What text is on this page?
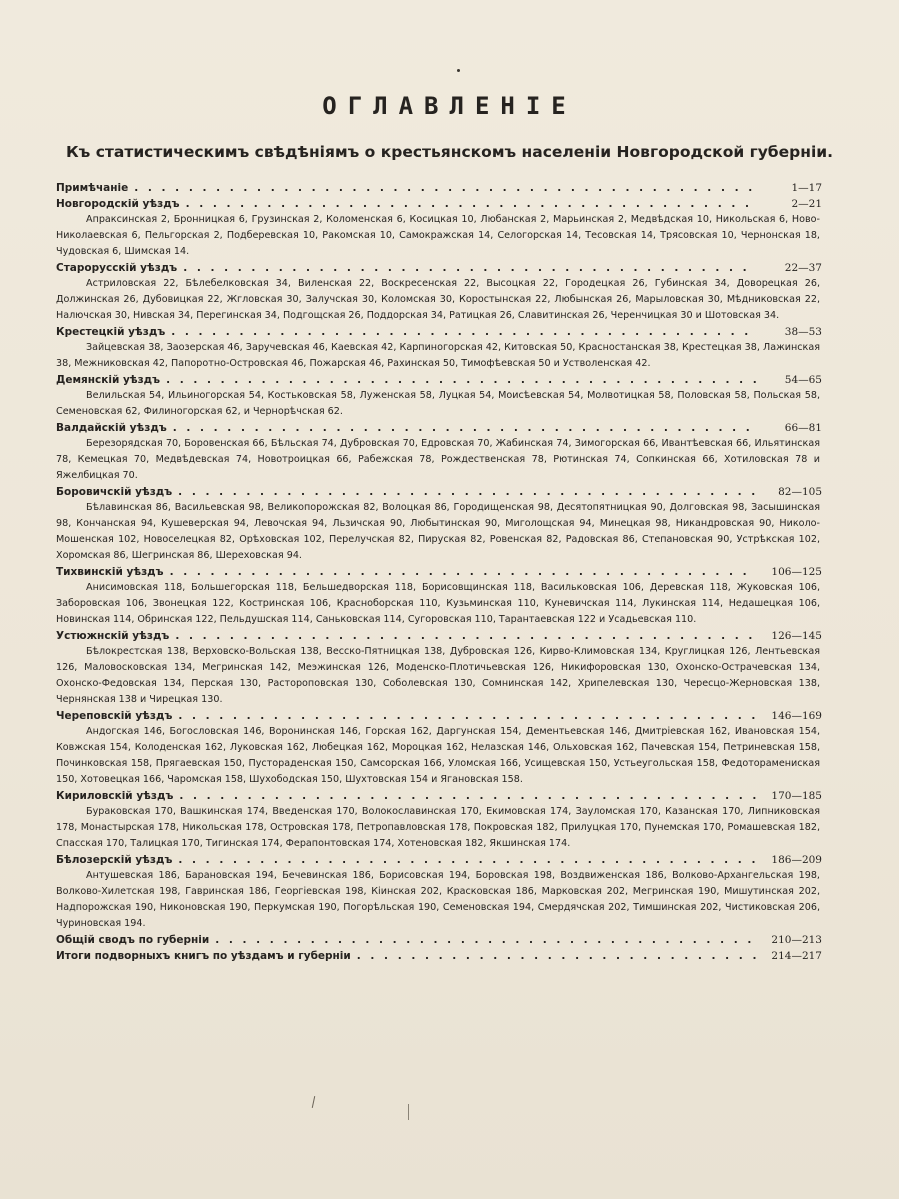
ОГЛАВЛЕНІЕ
Къ статистическимъ свѣдѣніямъ о крестьянскомъ населеніи Новгородской губерніи.
Примѣчаніе . . .	1—17
Новгородскій уѣздъ . . .	2—21
Апраксинская 2, Бронницкая 6, Грузинская 2, Коломенская 6, Косицкая 10, Любанская 2, Марьинская 2, Медвѣдская 10, Никольская 6, Ново-Николаевская 6, Пельгорская 2, Подберевская 10, Ракомская 10, Самокражская 14, Селогорская 14, Тесовская 14, Трясовская 10, Чернонская 18, Чудовская 6, Шимская 14.
Старорусскій уѣздъ . . .	22—37
Астриловская 22, Бѣлебелковская 34, Виленская 22, Воскресенская 22, Высоцкая 22, Городецкая 26, Губинская 34, Доворецкая 26, Должинская 26, Дубовицкая 22, Жгловская 30, Залучская 30, Коломская 30, Коростынская 22, Любынская 26, Марыловская 30, Мѣдниковская 22, Налючская 30, Нивская 34, Перегинская 34, Подгощская 26, Поддорская 34, Ратицкая 26, Славитинская 26, Черенчицкая 30 и Шотовская 34.
Крестецкій уѣздъ . . .	38—53
Зайцевская 38, Заозерская 46, Заручевская 46, Каевская 42, Карпиногорская 42, Китовская 50, Красностанская 38, Крестецкая 38, Лажинская 38, Межниковская 42, Папоротно-Островская 46, Пожарская 46, Рахинская 50, Тимофѣевская 50 и Устволенская 42.
Демянскій уѣздъ . . .	54—65
Велильская 54, Ильиногорская 54, Костьковская 58, Луженская 58, Луцкая 54, Моисѣевская 54, Молвотицкая 58, Половская 58, Польская 58, Семеновская 62, Филиногорская 62, и Чернорѣчская 62.
Валдайскій уѣздъ . . .	66—81
Березорядская 70, Боровенская 66, Бѣльская 74, Дубровская 70, Едровская 70, Жабинская 74, Зимогорская 66, Ивантѣевская 66, Ильятинская 78, Кемецкая 70, Медвѣдевская 74, Новотроицкая 66, Рабежская 78, Рождественская 78, Рютинская 74, Сопкинская 66, Хотиловская 78 и Яжелбицкая 70.
Боровичскій уѣздъ . . .	82—105
Бѣлавинская 86, Васильевская 98, Великопорожская 82, Волоцкая 86, Городищенская 98, Десятопятницкая 90, Долговская 98, Засышинская 98, Кончанская 94, Кушеверская 94, Левочская 94, Льзичская 90, Любытинская 90, Миголощская 94, Минецкая 98, Никандровская 90, Николо-Мошенская 102, Новоселецкая 82, Орѣховская 102, Перелучская 82, Пируская 82, Ровенская 82, Радовская 86, Степановская 90, Устрѣкская 102, Хоромская 86, Шегринская 86, Шереховская 94.
Тихвинскій уѣздъ . . .	106—125
Анисимовская 118, Большегорская 118, Бельшедворская 118, Борисовщинская 118, Васильковская 106, Деревская 118, Жуковская 106, Заборовская 106, Звонецкая 122, Костринская 106, Красноборская 110, Кузьминская 110, Куневичская 114, Лукинская 114, Недашецкая 106, Новинская 114, Обринская 122, Пельдушская 114, Саньковская 114, Сугоровская 110, Тарантаевская 122 и Усадьевская 110.
Устюжнскій уѣздъ . . .	126—145
Бѣлокрестская 138, Верховско-Вольская 138, Весско-Пятницкая 138, Дубровская 126, Кирво-Климовская 134, Круглицкая 126, Лентьевская 126, Маловосковская 134, Мегринская 142, Меэжинская 126, Моденско-Плотичьевская 126, Никифоровская 130, Охонско-Остpачевская 134, Охонско-Федовская 134, Перская 130, Растороповская 130, Соболевская 130, Сомнинская 142, Хрипелевская 130, Чересцо-Жерновская 138, Чернянская 138 и Чирецкая 130.
Череповскій уѣздъ . . .	146—169
Андогская 146, Богословская 146, Воронинская 146, Горская 162, Даргунская 154, Дементьевская 146, Дмитріевская 162, Ивановская 154, Ковжская 154, Колоденская 162, Луковская 162, Любецкая 162, Мороцкая 162, Нелазская 146, Ольховская 162, Пачевская 154, Петриневская 158, Починковская 158, Прягаевская 150, Пустораденская 150, Самсорская 166, Уломская 166, Усищевская 150, Устьеугольская 158, Федоторамениская 150, Хотовецкая 166, Чаромская 158, Шухободская 150, Шухтовская 154 и Ягановская 158.
Кириловскій уѣздъ . . .	170—185
Бураковская 170, Вашкинская 174, Введенская 170, Волокославинская 170, Екимовская 174, Зауломская 170, Казанская 170, Липниковская 178, Монастырская 178, Никольская 178, Островская 178, Петропавловская 178, Покровская 182, Прилуцкая 170, Пунемская 170, Ромашевская 182, Спасская 170, Талицкая 170, Тигинская 174, Ферапонтовская 174, Хотеновская 182, Якшинская 174.
Бѣлозерскій уѣздъ . . .	186—209
Антушевская 186, Барановская 194, Бечевинская 186, Борисовская 194, Боровская 198, Воздвиженская 186, Волково-Архангельская 198, Волково-Хилетская 198, Гавринская 186, Георгіевская 198, Кіинская 202, Красковская 186, Марковская 202, Мегринская 190, Мишутинская 202, Надпорожская 190, Никоновская 190, Перкумская 190, Погорѣльская 190, Семеновская 194, Смердячская 202, Тимшинская 202, Чистиковская 206, Чуриновская 194.
Общій сводъ по губерніи . . .	210—213
Итоги подворныхъ книгъ по уѣздамъ и губерніи . . .	214—217
